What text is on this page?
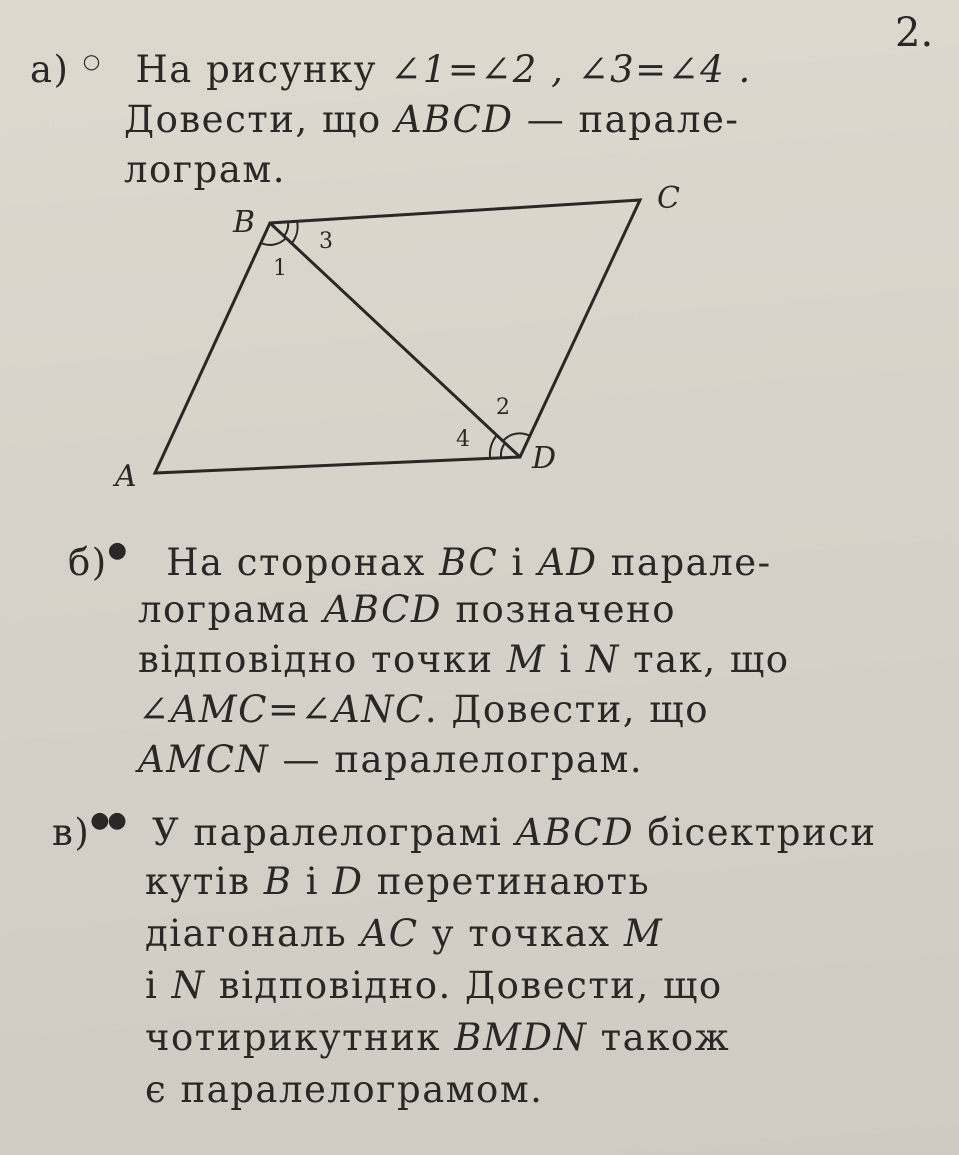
2.
а) ○ На рисунку ∠1=∠2 , ∠3=∠4 .
Довести, що ABCD — парале-
лограм.
B
C
A
D
1
2
3
4
б)● На сторонах BC і AD парале-
лограма ABCD позначено
відповідно точки M і N так, що
∠AMC=∠ANC. Довести, що
AMCN — паралелограм.
в)●● У паралелограмі ABCD бісектриси
кутів B і D перетинають
діагональ AC у точках M
і N відповідно. Довести, що
чотирикутник BMDN також
є паралелограмом.
